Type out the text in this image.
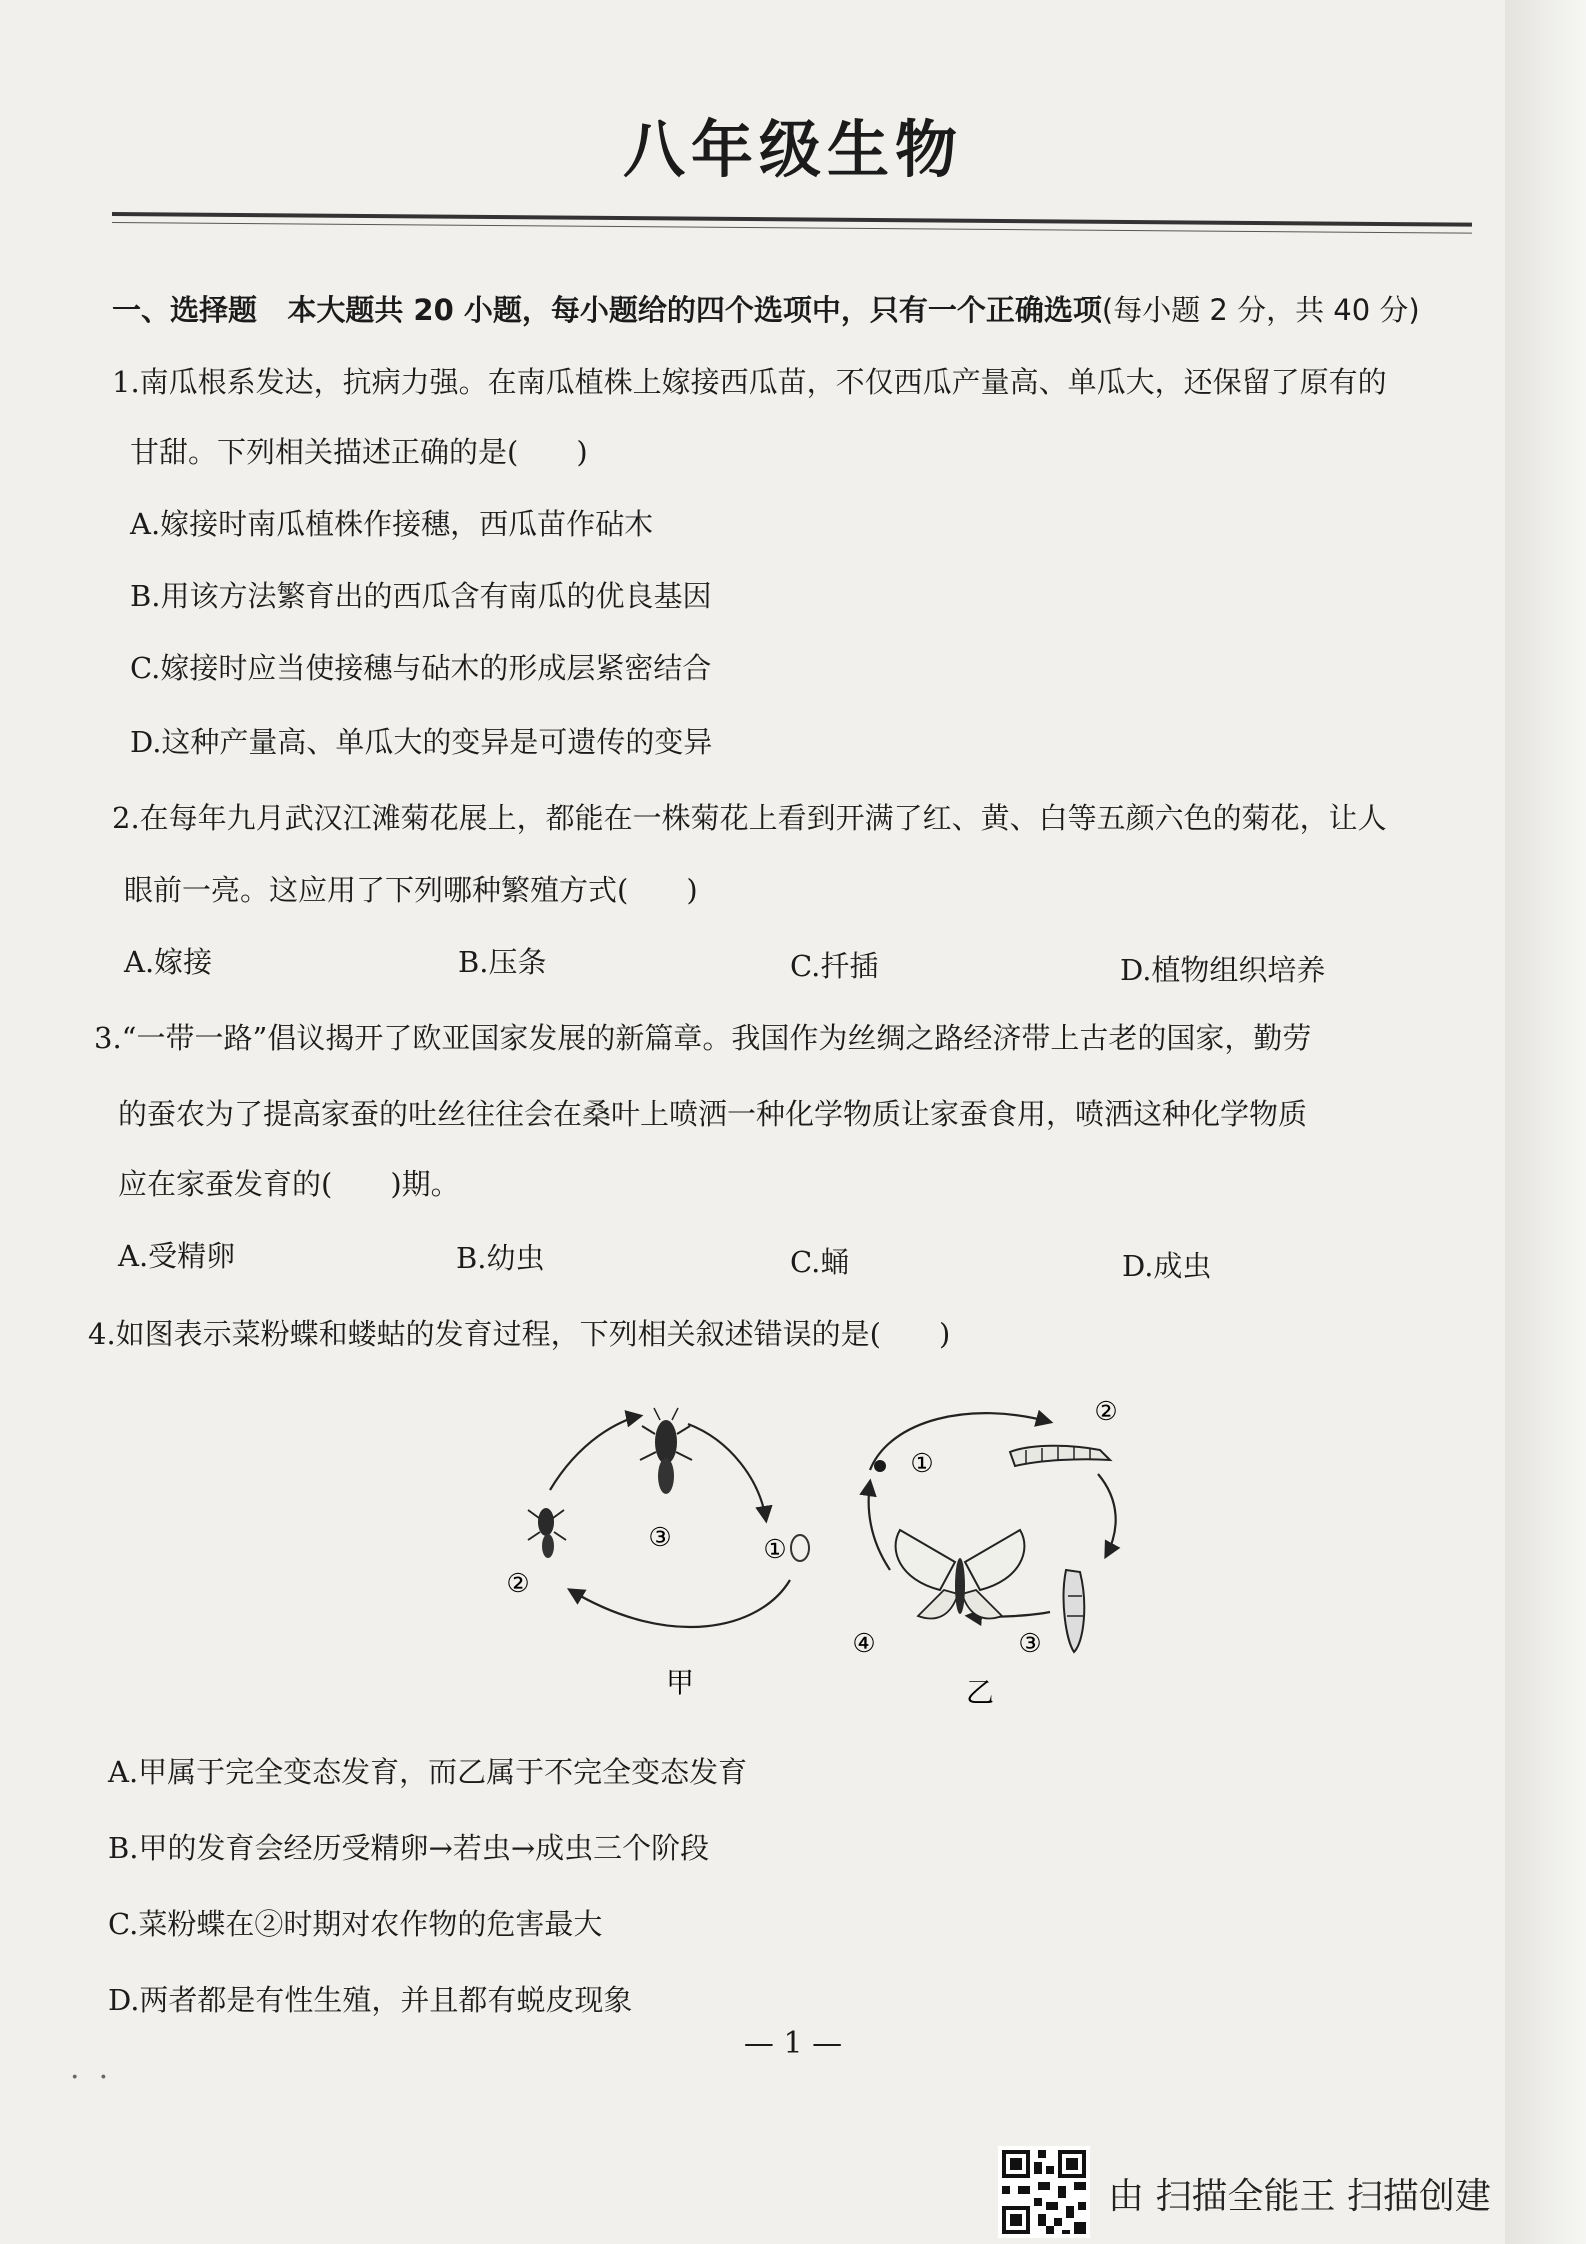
八年级生物
一、选择题 本大题共 20 小题，每小题给的四个选项中，只有一个正确选项(每小题 2 分，共 40 分)
1.南瓜根系发达，抗病力强。在南瓜植株上嫁接西瓜苗，不仅西瓜产量高、单瓜大，还保留了原有的
甘甜。下列相关描述正确的是(　　)
A.嫁接时南瓜植株作接穗，西瓜苗作砧木
B.用该方法繁育出的西瓜含有南瓜的优良基因
C.嫁接时应当使接穗与砧木的形成层紧密结合
D.这种产量高、单瓜大的变异是可遗传的变异
2.在每年九月武汉江滩菊花展上，都能在一株菊花上看到开满了红、黄、白等五颜六色的菊花，让人
眼前一亮。这应用了下列哪种繁殖方式(　　)
A.嫁接	B.压条	C.扦插	D.植物组织培养
3.“一带一路”倡议揭开了欧亚国家发展的新篇章。我国作为丝绸之路经济带上古老的国家，勤劳
的蚕农为了提高家蚕的吐丝往往会在桑叶上喷洒一种化学物质让家蚕食用，喷洒这种化学物质
应在家蚕发育的(　　)期。
A.受精卵	B.幼虫	C.蛹	D.成虫
4.如图表示菜粉蝶和蝼蛄的发育过程，下列相关叙述错误的是(　　)
③	①
②
甲
①
②
③
④
乙
A.甲属于完全变态发育，而乙属于不完全变态发育
B.甲的发育会经历受精卵→若虫→成虫三个阶段
C.菜粉蝶在②时期对农作物的危害最大
D.两者都是有性生殖，并且都有蜕皮现象
— 1 —
·  ·
由 扫描全能王 扫描创建
